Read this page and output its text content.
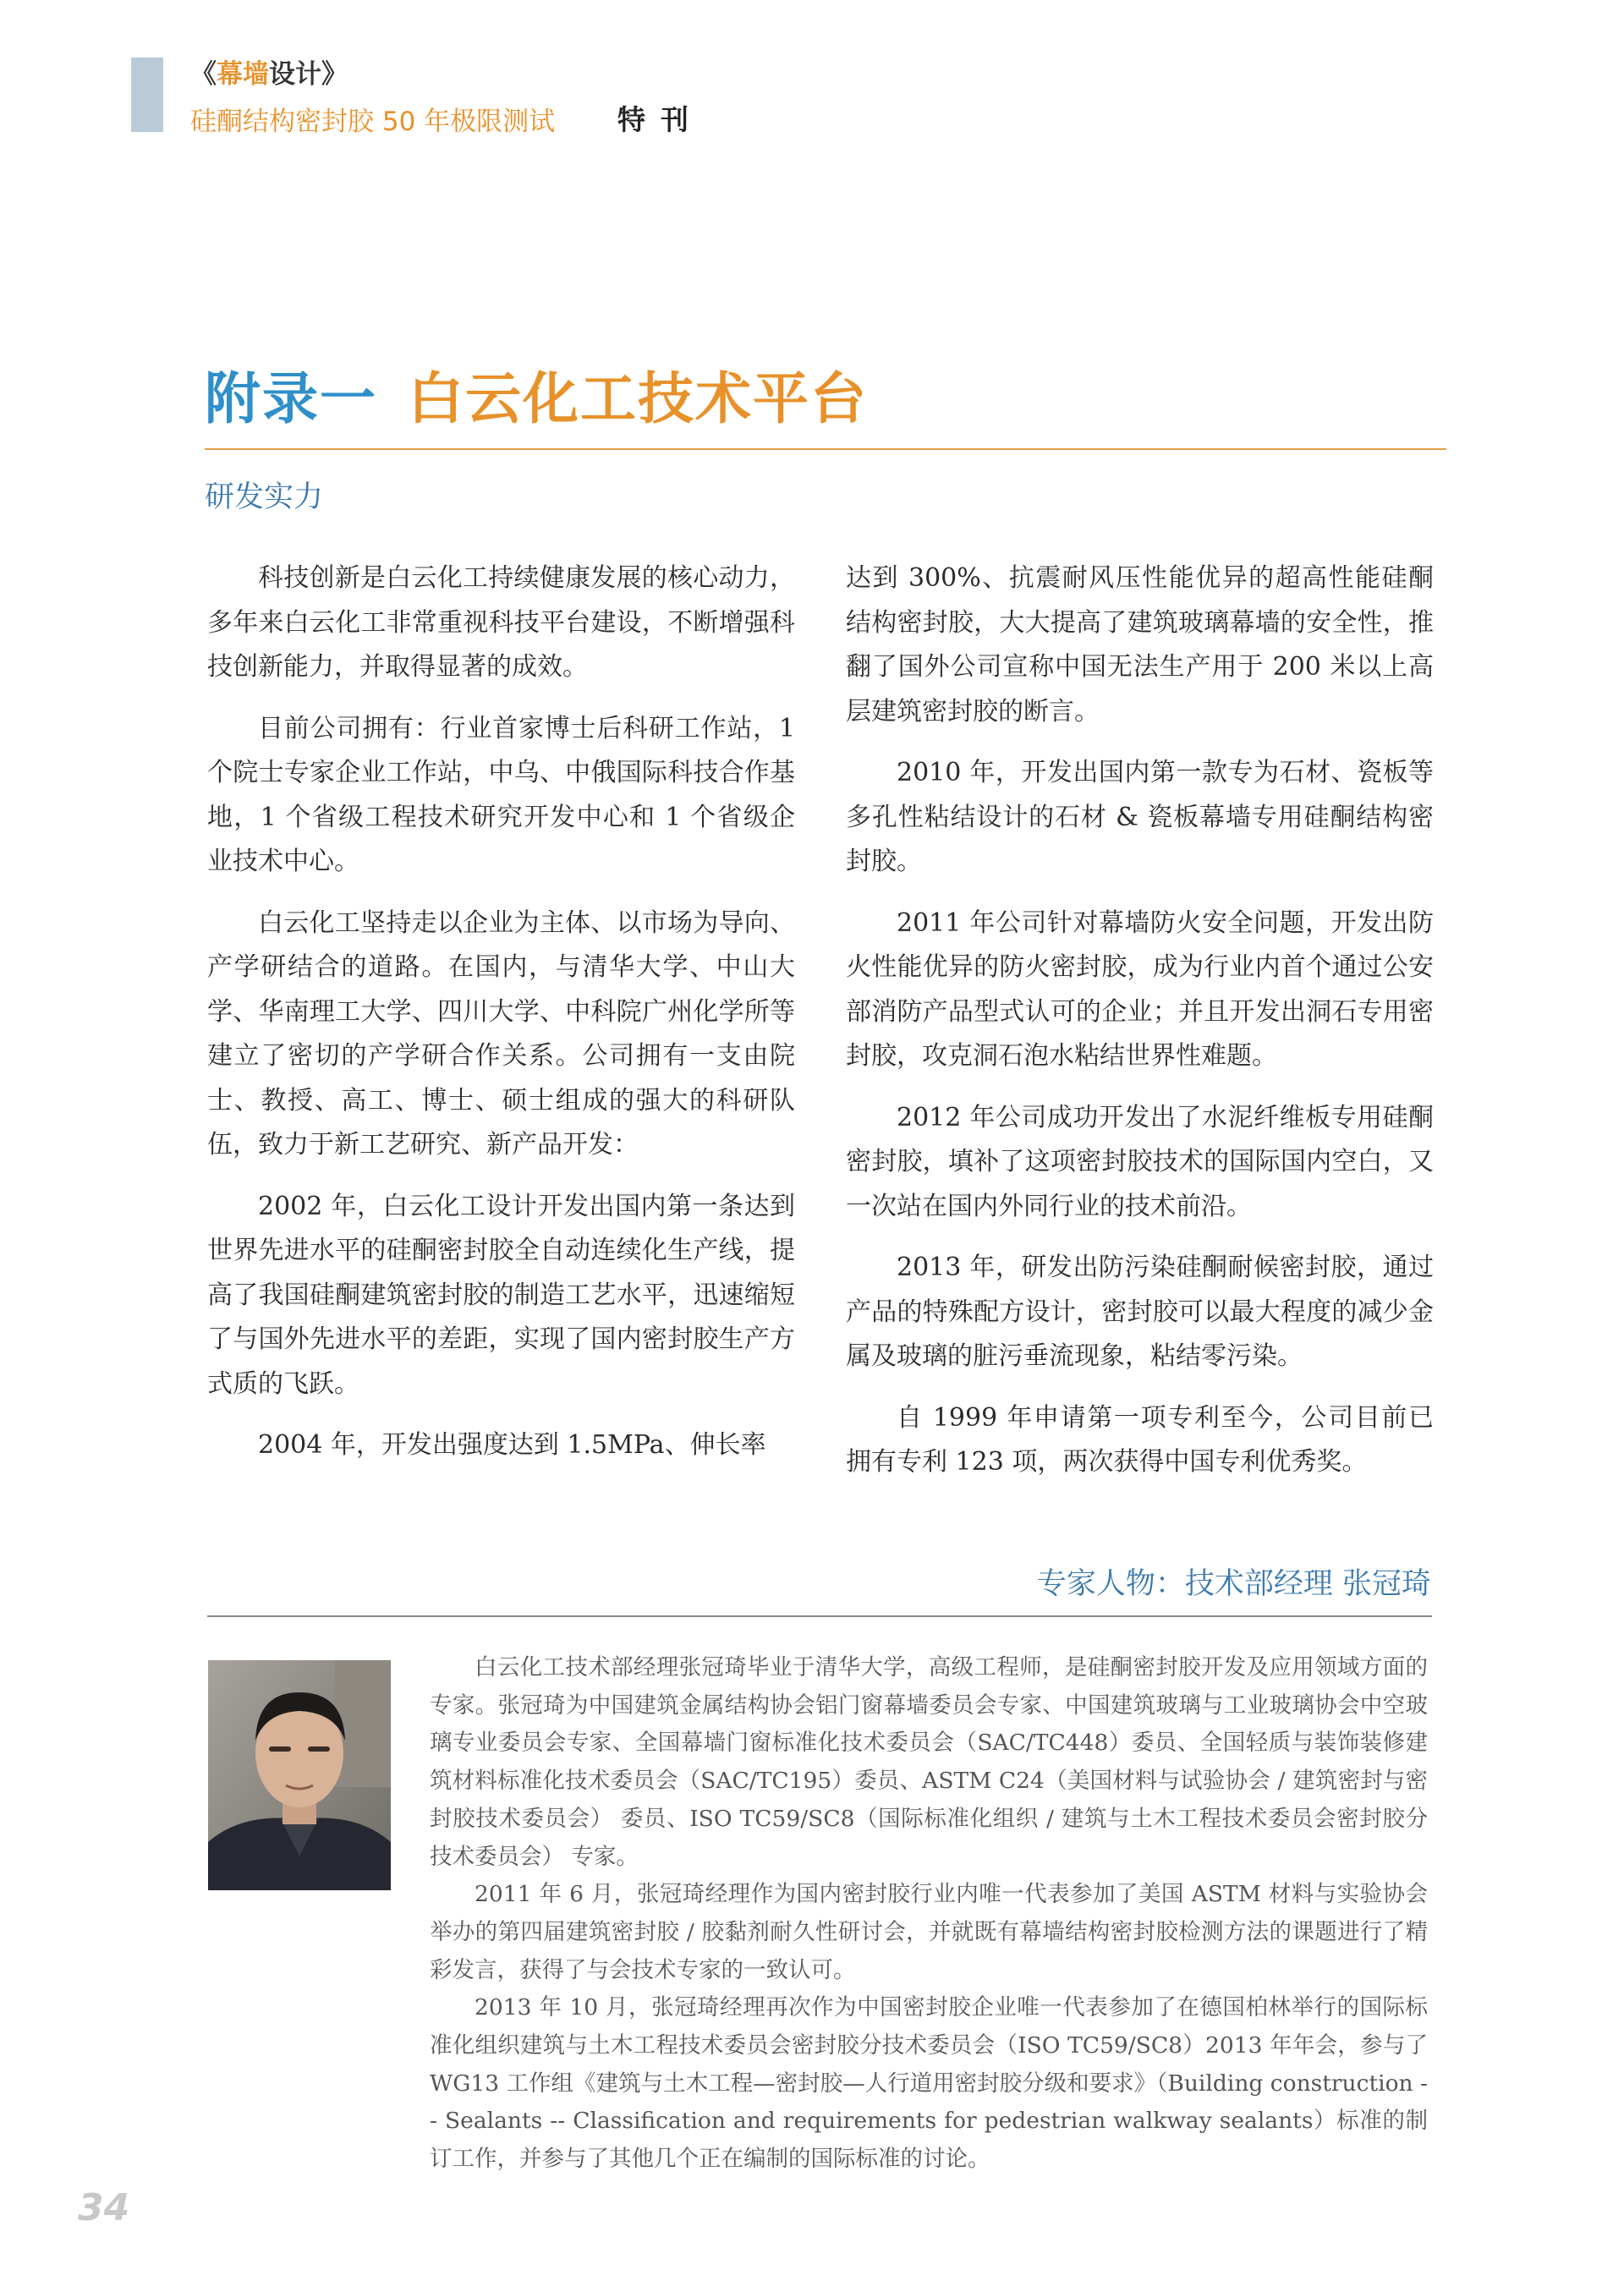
《幕墙设计》
硅酮结构密封胶 50 年极限测试 特刊
附录一 白云化工技术平台
研发实力

科技创新是白云化工持续健康发展的核心动力，多年来白云化工非常重视科技平台建设，不断增强科技创新能力，并取得显著的成效。

目前公司拥有：行业首家博士后科研工作站，1 个院士专家企业工作站，中乌、中俄国际科技合作基地，1 个省级工程技术研究开发中心和 1 个省级企业技术中心。

白云化工坚持走以企业为主体、以市场为导向、产学研结合的道路。在国内，与清华大学、中山大学、华南理工大学、四川大学、中科院广州化学所等建立了密切的产学研合作关系。公司拥有一支由院士、教授、高工、博士、硕士组成的强大的科研队伍，致力于新工艺研究、新产品开发：

2002 年，白云化工设计开发出国内第一条达到世界先进水平的硅酮密封胶全自动连续化生产线，提高了我国硅酮建筑密封胶的制造工艺水平，迅速缩短了与国外先进水平的差距，实现了国内密封胶生产方式质的飞跃。

2004 年，开发出强度达到 1.5MPa、伸长率

达到 300%、抗震耐风压性能优异的超高性能硅酮结构密封胶，大大提高了建筑玻璃幕墙的安全性，推翻了国外公司宣称中国无法生产用于 200 米以上高层建筑密封胶的断言。

2010 年，开发出国内第一款专为石材、瓷板等多孔性粘结设计的石材 & 瓷板幕墙专用硅酮结构密封胶。

2011 年公司针对幕墙防火安全问题，开发出防火性能优异的防火密封胶，成为行业内首个通过公安部消防产品型式认可的企业；并且开发出洞石专用密封胶，攻克洞石泡水粘结世界性难题。

2012 年公司成功开发出了水泥纤维板专用硅酮密封胶，填补了这项密封胶技术的国际国内空白，又一次站在国内外同行业的技术前沿。

2013 年，研发出防污染硅酮耐候密封胶，通过产品的特殊配方设计，密封胶可以最大程度的减少金属及玻璃的脏污垂流现象，粘结零污染。

自 1999 年申请第一项专利至今，公司目前已拥有专利 123 项，两次获得中国专利优秀奖。

专家人物：技术部经理 张冠琦

白云化工技术部经理张冠琦毕业于清华大学，高级工程师，是硅酮密封胶开发及应用领域方面的专家。张冠琦为中国建筑金属结构协会铝门窗幕墙委员会专家、中国建筑玻璃与工业玻璃协会中空玻璃专业委员会专家、全国幕墙门窗标准化技术委员会（SAC/TC448）委员、全国轻质与装饰装修建筑材料标准化技术委员会（SAC/TC195）委员、ASTM C24（美国材料与试验协会 / 建筑密封与密封胶技术委员会） 委员、ISO TC59/SC8（国际标准化组织 / 建筑与土木工程技术委员会密封胶分技术委员会） 专家。

2011 年 6 月，张冠琦经理作为国内密封胶行业内唯一代表参加了美国 ASTM 材料与实验协会举办的第四届建筑密封胶 / 胶黏剂耐久性研讨会，并就既有幕墙结构密封胶检测方法的课题进行了精彩发言，获得了与会技术专家的一致认可。

2013 年 10 月，张冠琦经理再次作为中国密封胶企业唯一代表参加了在德国柏林举行的国际标准化组织建筑与土木工程技术委员会密封胶分技术委员会（ISO TC59/SC8）2013 年年会，参与了 WG13 工作组《建筑与土木工程—密封胶—人行道用密封胶分级和要求》（Building construction -- Sealants -- Classification and requirements for pedestrian walkway sealants）标准的制订工作，并参与了其他几个正在编制的国际标准的讨论。

34
